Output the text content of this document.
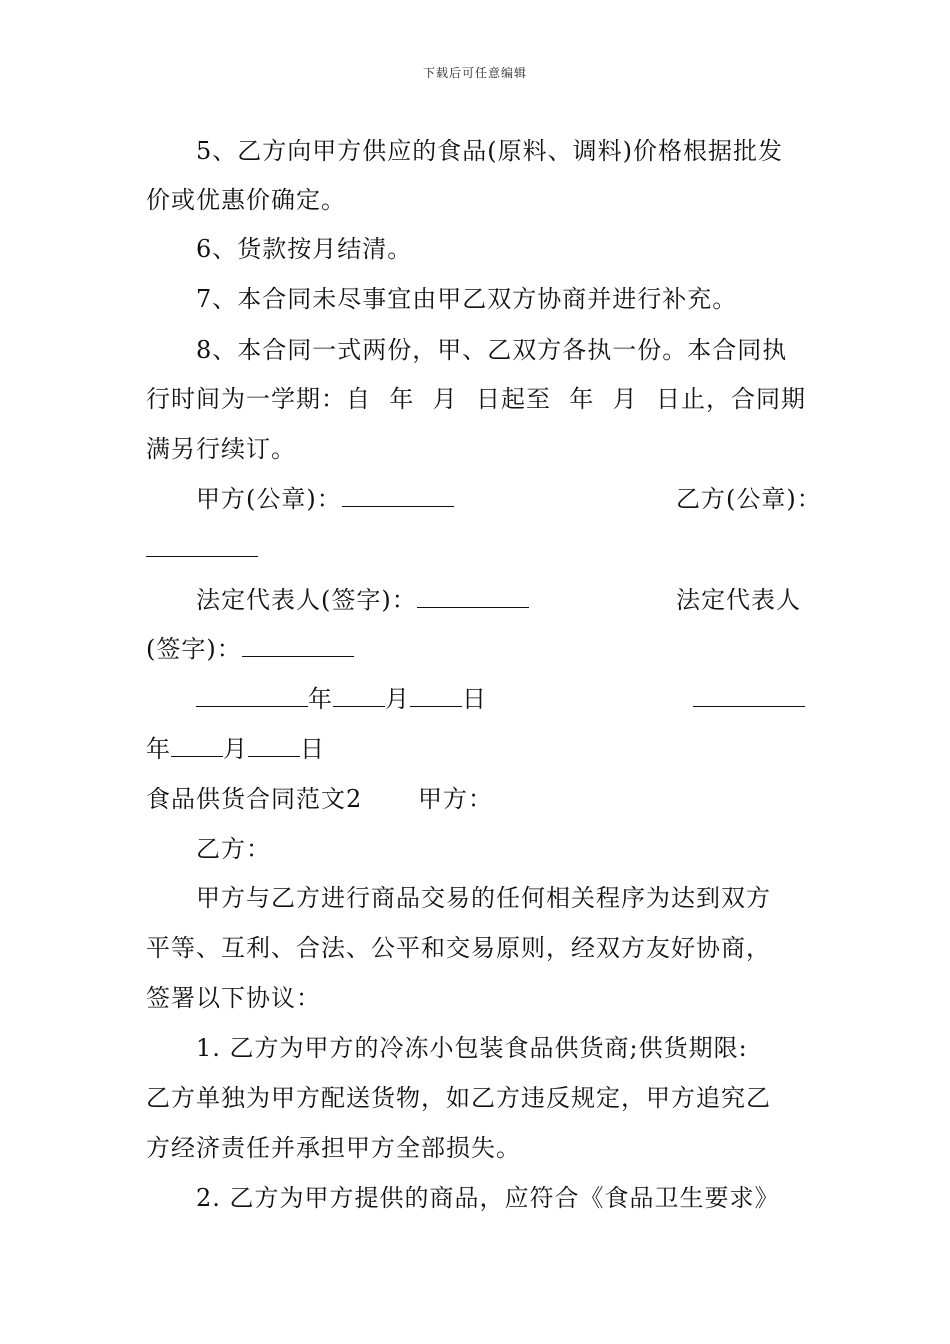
下载后可任意编辑
5、乙方向甲方供应的食品(原料、调料)价格根据批发
价或优惠价确定。
6、货款按月结清。
7、本合同未尽事宜由甲乙双方协商并进行补充。
8、本合同一式两份，甲、乙双方各执一份。本合同执
行时间为一学期：自 年 月 日起至 年 月 日止，合同期
满另行续订。
甲方(公章)：	乙方(公章)：
法定代表人(签字)：	法定代表人
(签字)：
年 月 日
年 月 日
食品供货合同范文2 甲方：
乙方：
甲方与乙方进行商品交易的任何相关程序为达到双方
平等、互利、合法、公平和交易原则，经双方友好协商，
签署以下协议：
1. 乙方为甲方的冷冻小包装食品供货商;供货期限:
乙方单独为甲方配送货物，如乙方违反规定，甲方追究乙
方经济责任并承担甲方全部损失。
2. 乙方为甲方提供的商品，应符合《食品卫生要求》
